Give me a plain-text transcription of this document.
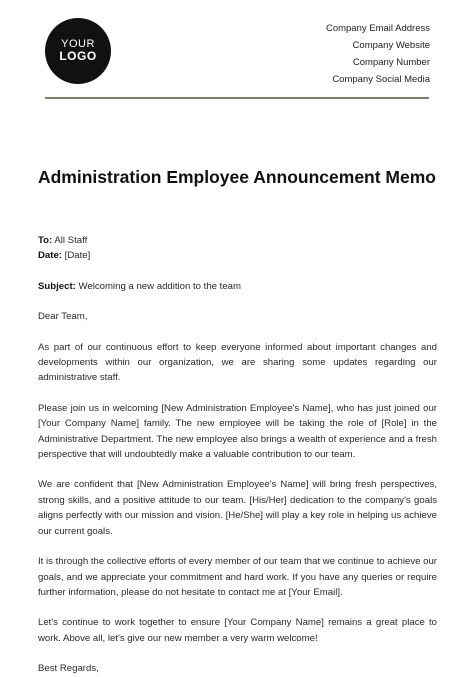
YOUR
LOGO
Company Email Address
Company Website
Company Number
Company Social Media
Administration Employee Announcement Memo

To: All Staff

Date: [Date]

Subject: Welcoming a new addition to the team

Dear Team,

As part of our continuous effort to keep everyone informed about important changes and developments within our organization, we are sharing some updates regarding our administrative staff.

Please join us in welcoming [New Administration Employee's Name], who has just joined our [Your Company Name] family. The new employee will be taking the role of [Role] in the Administrative Department. The new employee also brings a wealth of experience and a fresh perspective that will undoubtedly make a valuable contribution to our team.

We are confident that [New Administration Employee's Name] will bring fresh perspectives, strong skills, and a positive attitude to our team. [His/Her] dedication to the company's goals aligns perfectly with our mission and vision. [He/She] will play a key role in helping us achieve our current goals.

It is through the collective efforts of every member of our team that we continue to achieve our goals, and we appreciate your commitment and hard work. If you have any queries or require further information, please do not hesitate to contact me at [Your Email].

Let's continue to work together to ensure [Your Company Name] remains a great place to work. Above all, let's give our new member a very warm welcome!

Best Regards,
